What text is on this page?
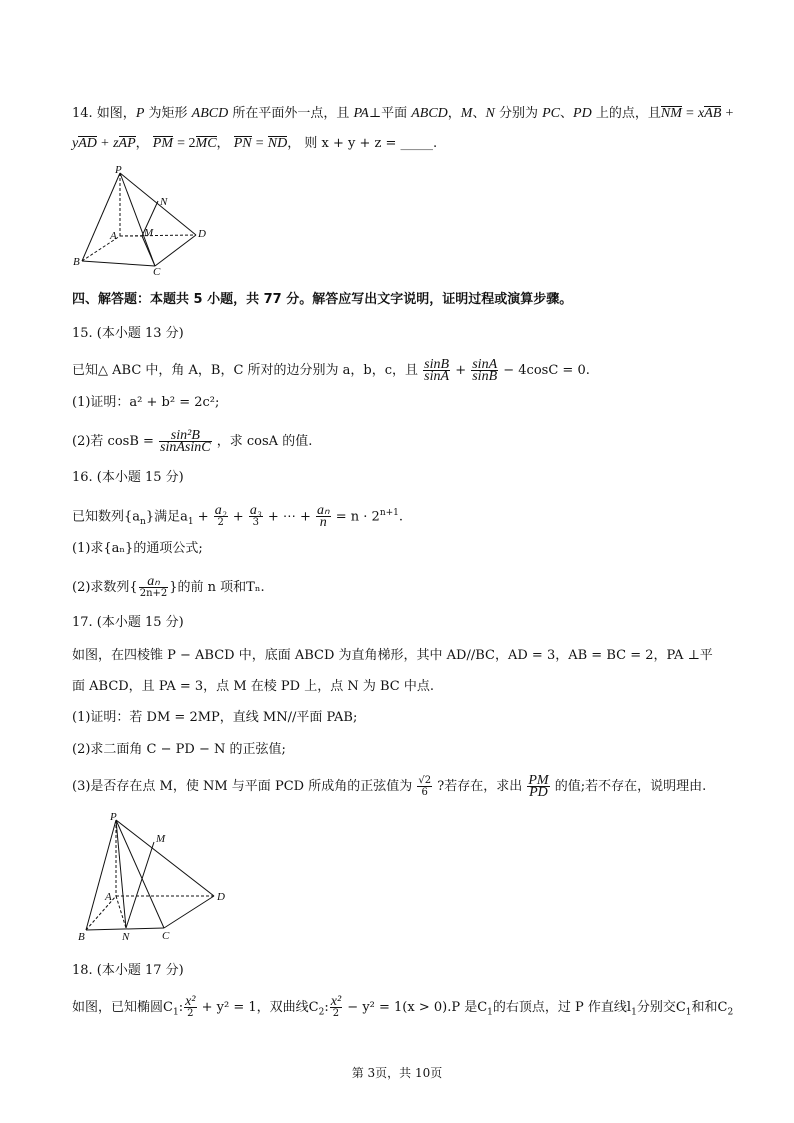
14. 如图，P 为矩形 ABCD 所在平面外一点，且 PA⊥平面 ABCD，M、N 分别为 PC、PD 上的点，且NM = xAB +
yAD + zAP， PM = 2MC， PN = ND， 则 x + y + z = _____.
P
N
A M	D
B
C
四、解答题：本题共 5 小题，共 77 分。解答应写出文字说明，证明过程或演算步骤。
15. (本小题 13 分)
已知△ ABC 中，角 A，B，C 所对的边分别为 a，b，c，且 $\frac{\sin B}{\sin A} + \frac{\sin A}{\sin B} - 4\cos C = 0$.
(1)证明：a² + b² = 2c²;
(2)若 $\cos B = \frac{\text{sin²B}}{\text{sinAsinC}}$ ，求 cosA 的值.
16. (本小题 15 分)
已知数列$\{a_n\}$满足$a_1 + \frac{\text{a₂}}{2} + \frac{\text{a₃}}{3}$ + ⋯ + $\frac{\text{aₙ}}{n} = n \cdot 2^{n+1}$.
(1)求{aₙ}的通项公式;
(2)求数列{ $\frac{\text{aₙ}}{2n+2}$ }的前 n 项和Tₙ.
17. (本小题 15 分)
如图，在四棱锥 P − ABCD 中，底面 ABCD 为直角梯形，其中 AD//BC，AD = 3，AB = BC = 2，PA ⊥平
面 ABCD，且 PA = 3，点 M 在棱 PD 上，点 N 为 BC 中点.
(1)证明：若 DM = 2MP，直线 MN//平面 PAB;
(2)求二面角 C − PD − N 的正弦值;
(3)是否存在点 M，使 NM 与平面 PCD 所成角的正弦值为 $\frac{√2}{6}$ ?若存在，求出 $\frac{PM}{PD}$ 的值;若不存在，说明理由.
P
M
A	D
B	N	C
18. (本小题 17 分)
如图，已知椭圆$C_1$: $\frac{\text{x²}}{2} + y^2 = 1$，双曲线$C_2$: $\frac{\text{x²}}{2} - y^2 = 1(x > 0).P$ 是$C_1$的右顶点，过 P 作直线$l_1$分别交$C_1$和和$C_2$
第 3页，共 10页
